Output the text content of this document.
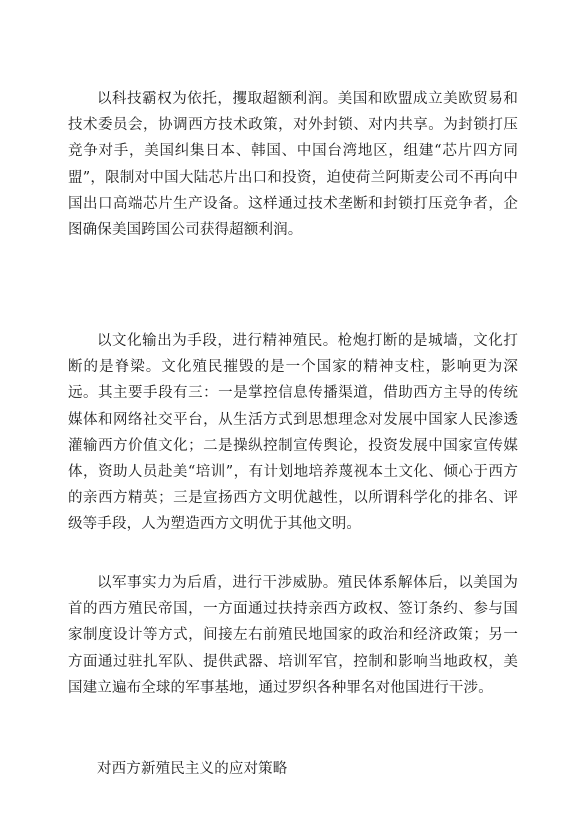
以科技霸权为依托，攫取超额利润。美国和欧盟成立美欧贸易和技术委员会，协调西方技术政策，对外封锁、对内共享。为封锁打压竞争对手，美国纠集日本、韩国、中国台湾地区，组建“芯片四方同盟”，限制对中国大陆芯片出口和投资，迫使荷兰阿斯麦公司不再向中国出口高端芯片生产设备。这样通过技术垄断和封锁打压竞争者，企图确保美国跨国公司获得超额利润。

以文化输出为手段，进行精神殖民。枪炮打断的是城墙，文化打断的是脊梁。文化殖民摧毁的是一个国家的精神支柱，影响更为深远。其主要手段有三：一是掌控信息传播渠道，借助西方主导的传统媒体和网络社交平台，从生活方式到思想理念对发展中国家人民渗透灌输西方价值文化；二是操纵控制宣传舆论，投资发展中国家宣传媒体，资助人员赴美“培训”，有计划地培养蔑视本土文化、倾心于西方的亲西方精英；三是宣扬西方文明优越性，以所谓科学化的排名、评级等手段，人为塑造西方文明优于其他文明。

以军事实力为后盾，进行干涉威胁。殖民体系解体后，以美国为首的西方殖民帝国，一方面通过扶持亲西方政权、签订条约、参与国家制度设计等方式，间接左右前殖民地国家的政治和经济政策；另一方面通过驻扎军队、提供武器、培训军官，控制和影响当地政权，美国建立遍布全球的军事基地，通过罗织各种罪名对他国进行干涉。

对西方新殖民主义的应对策略
